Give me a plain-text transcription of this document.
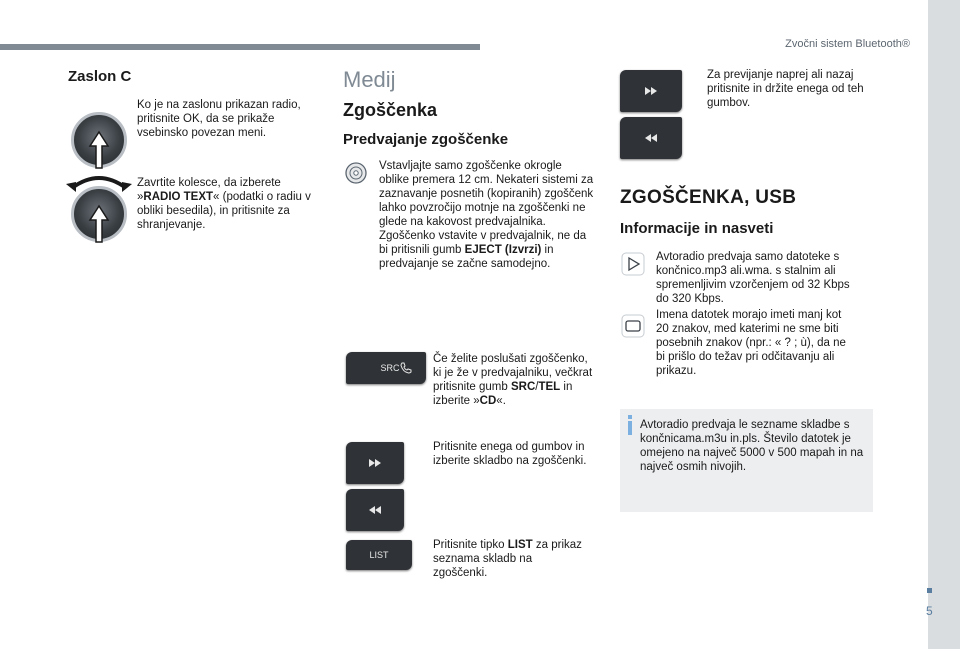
Zvočni sistem Bluetooth®
5
Zaslon C
Ko je na zaslonu prikazan radio, pritisnite OK, da se prikaže vsebinsko povezan meni.
Zavrtite kolesce, da izberete »RADIO TEXT« (podatki o radiu v obliki besedila), in pritisnite za shranjevanje.
Medij
Zgoščenka
Predvajanje zgoščenke
Vstavljajte samo zgoščenke okrogle oblike premera 12 cm. Nekateri sistemi za zaznavanje posnetih (kopiranih) zgoščenk lahko povzročijo motnje na zgoščenki ne glede na kakovost predvajalnika. Zgoščenko vstavite v predvajalnik, ne da bi pritisnili gumb EJECT (Izvrzi) in predvajanje se začne samodejno.
SRC
Če želite poslušati zgoščenko, ki je že v predvajalniku, večkrat pritisnite gumb SRC/TEL in izberite »CD«.
Pritisnite enega od gumbov in izberite skladbo na zgoščenki.
LIST
Pritisnite tipko LIST za prikaz seznama skladb na zgoščenki.
Za previjanje naprej ali nazaj pritisnite in držite enega od teh gumbov.
ZGOŠČENKA, USB
Informacije in nasveti
Avtoradio predvaja samo datoteke s končnico.mp3 ali.wma. s stalnim ali spremenljivim vzorčenjem od 32 Kbps do 320 Kbps.
Imena datotek morajo imeti manj kot 20 znakov, med katerimi ne sme biti posebnih znakov (npr.: « ? ; ù), da ne bi prišlo do težav pri odčitavanju ali prikazu.
Avtoradio predvaja le sezname skladbe s končnicama.m3u in.pls. Število datotek je omejeno na največ 5000 v 500 mapah in na največ osmih nivojih.
